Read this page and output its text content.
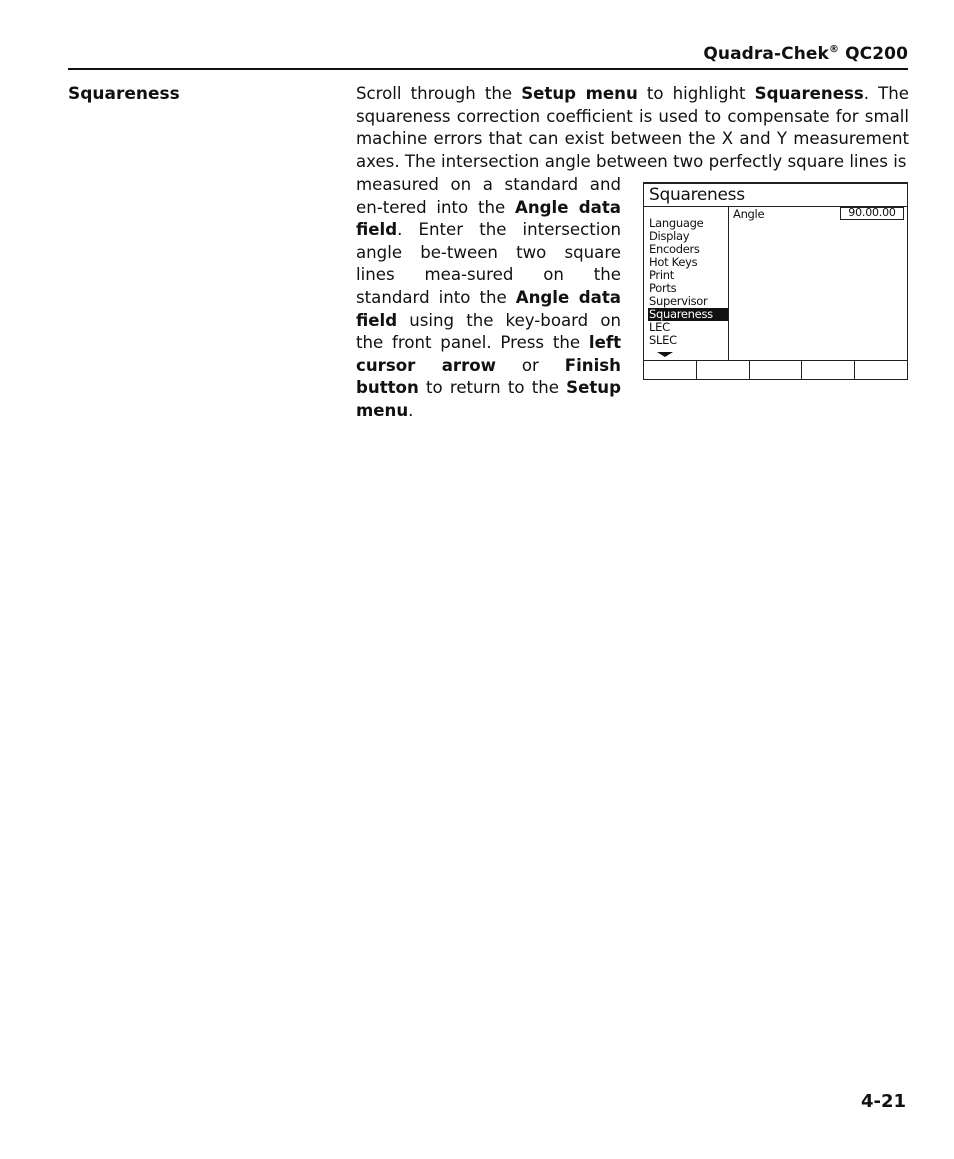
Quadra-Chek® QC200
Squareness	Scroll through the Setup menu to highlight Squareness. The squareness correction coefficient is used to compensate for small machine errors that can exist between the X and Y measurement axes. The intersection angle between two perfectly square lines is
measured on a standard and en-tered into the Angle data field. Enter the intersection angle be-tween two square lines mea-sured on the standard into the Angle data field using the key-board on the front panel. Press the left cursor arrow or Finish button to return to the Setup menu.
Squareness
Language
Display
Encoders
Hot Keys
Print
Ports
Supervisor
Squareness
LEC
SLEC
Angle	90.00.00
4-21
